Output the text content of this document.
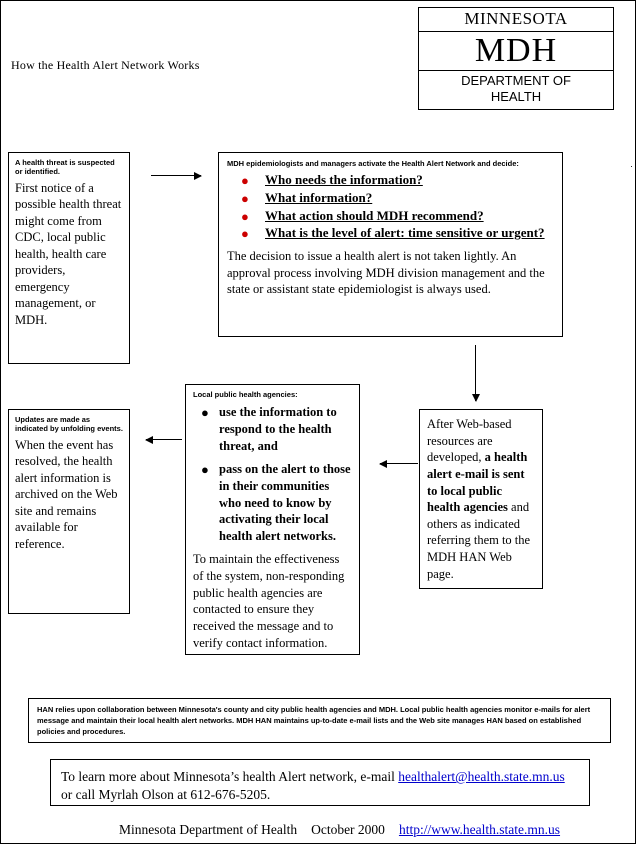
How the Health Alert Network Works
MINNESOTA
MDH
DEPARTMENT OF
HEALTH
·
A health threat is suspected or identified.
First notice of a possible health threat might come from CDC, local public health, health care providers, emergency management, or MDH.
MDH epidemiologists and managers activate the Health Alert Network and decide:
● Who needs the information?
● What information?
● What action should MDH recommend?
● What is the level of alert: time sensitive or urgent?
The decision to issue a health alert is not taken lightly. An approval process involving MDH division management and the state or assistant state epidemiologist is always used.
After Web-based resources are developed, a health alert e-mail is sent to local public health agencies and others as indicated referring them to the MDH HAN Web page.
Local public health agencies:
● use the information to respond to the health threat, and
● pass on the alert to those in their communities who need to know by activating their local health alert networks.
To maintain the effectiveness of the system, non-responding public health agencies are contacted to ensure they received the message and to verify contact information.
Updates are made as indicated by unfolding events.
When the event has resolved, the health alert information is archived on the Web site and remains available for reference.
HAN relies upon collaboration between Minnesota's county and city public health agencies and MDH. Local public health agencies monitor e-mails for alert message and maintain their local health alert networks. MDH HAN maintains up-to-date e-mail lists and the Web site manages HAN based on established policies and procedures.
To learn more about Minnesota’s health Alert network, e-mail healthalert@health.state.mn.us or call Myrlah Olson at 612-676-5205.
Minnesota Department of Health October 2000 http://www.health.state.mn.us
